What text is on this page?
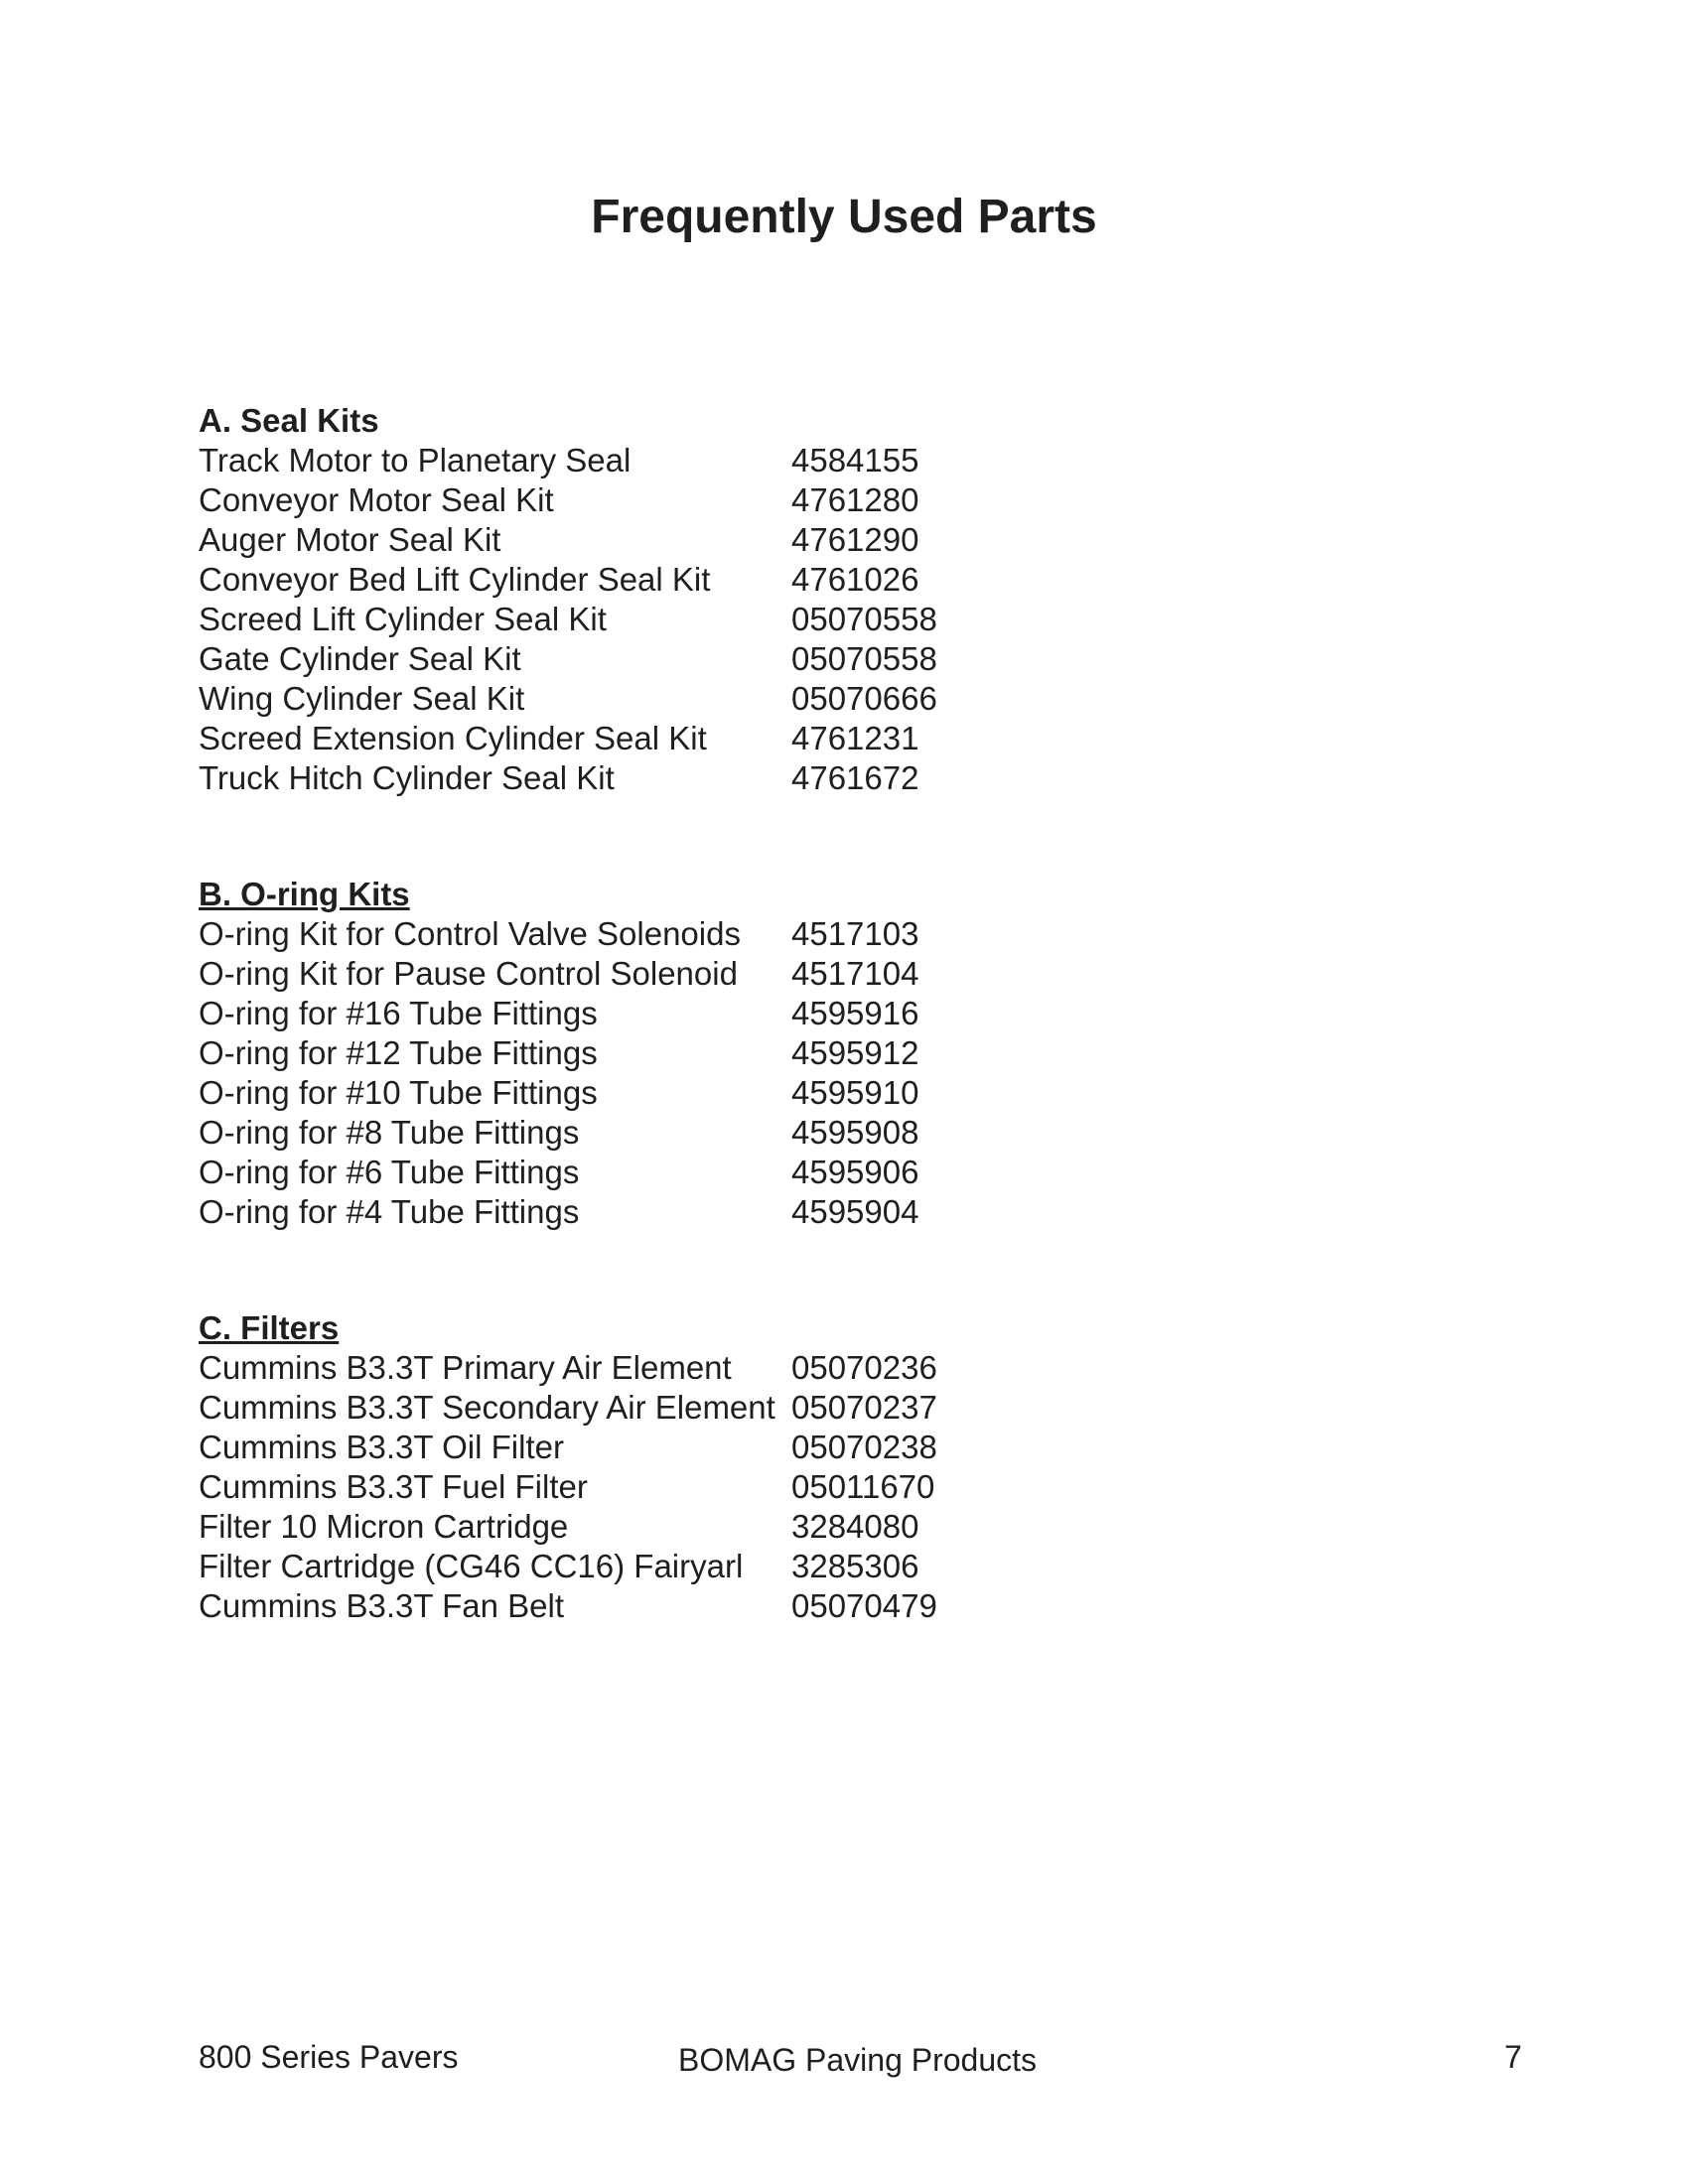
Frequently Used Parts
A. Seal Kits
Track Motor to Planetary Seal	4584155
Conveyor Motor Seal Kit	4761280
Auger Motor Seal Kit	4761290
Conveyor Bed Lift Cylinder Seal Kit	4761026
Screed Lift Cylinder Seal Kit	05070558
Gate Cylinder Seal Kit	05070558
Wing Cylinder Seal Kit	05070666
Screed Extension Cylinder Seal Kit	4761231
Truck Hitch Cylinder Seal Kit	4761672
B. O-ring Kits
O-ring Kit for Control Valve Solenoids	4517103
O-ring Kit for Pause Control Solenoid	4517104
O-ring for #16 Tube Fittings	4595916
O-ring for #12 Tube Fittings	4595912
O-ring for #10 Tube Fittings	4595910
O-ring for #8 Tube Fittings	4595908
O-ring for #6 Tube Fittings	4595906
O-ring for #4 Tube Fittings	4595904
C. Filters
Cummins B3.3T Primary Air Element	05070236
Cummins B3.3T Secondary Air Element 05070237
Cummins B3.3T Oil Filter	05070238
Cummins B3.3T Fuel Filter	05011670
Filter 10 Micron Cartridge	3284080
Filter Cartridge (CG46 CC16) Fairyarl	3285306
Cummins B3.3T Fan Belt	05070479
800 Series Pavers	BOMAG Paving Products	7
